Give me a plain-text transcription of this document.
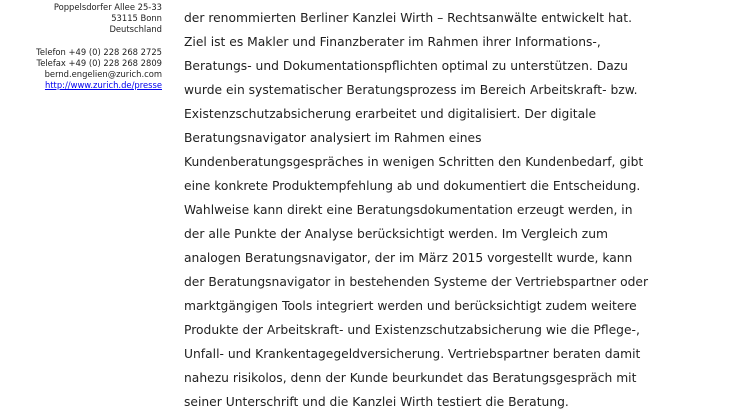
Poppelsdorfer Allee 25-33
53115 Bonn
Deutschland
Telefon +49 (0) 228 268 2725
Telefax +49 (0) 228 268 2809
bernd.engelien@zurich.com
http://www.zurich.de/presse
der renommierten Berliner Kanzlei Wirth – Rechtsanwälte entwickelt hat.
Ziel ist es Makler und Finanzberater im Rahmen ihrer Informations-,
Beratungs- und Dokumentationspflichten optimal zu unterstützen. Dazu
wurde ein systematischer Beratungsprozess im Bereich Arbeitskraft- bzw.
Existenzschutzabsicherung erarbeitet und digitalisiert. Der digitale
Beratungsnavigator analysiert im Rahmen eines
Kundenberatungsgespräches in wenigen Schritten den Kundenbedarf, gibt
eine konkrete Produktempfehlung ab und dokumentiert die Entscheidung.
Wahlweise kann direkt eine Beratungsdokumentation erzeugt werden, in
der alle Punkte der Analyse berücksichtigt werden. Im Vergleich zum
analogen Beratungsnavigator, der im März 2015 vorgestellt wurde, kann
der Beratungsnavigator in bestehenden Systeme der Vertriebspartner oder
marktgängigen Tools integriert werden und berücksichtigt zudem weitere
Produkte der Arbeitskraft- und Existenzschutzabsicherung wie die Pflege-,
Unfall- und Krankentagegeldversicherung. Vertriebspartner beraten damit
nahezu risikolos, denn der Kunde beurkundet das Beratungsgespräch mit
seiner Unterschrift und die Kanzlei Wirth testiert die Beratung.
